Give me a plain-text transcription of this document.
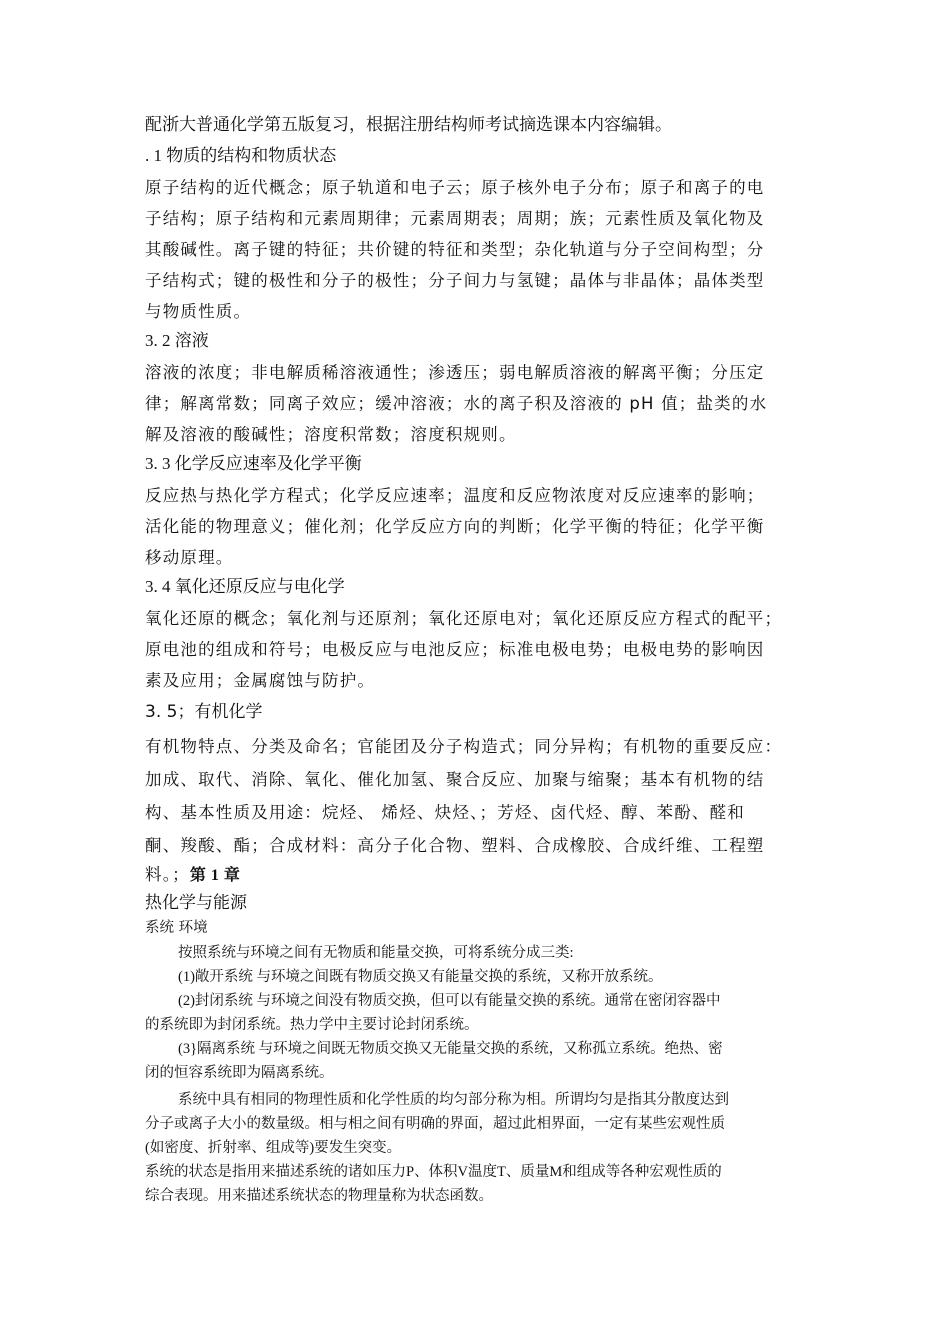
配浙大普通化学第五版复习，根据注册结构师考试摘选课本内容编辑。

. 1 物质的结构和物质状态

原子结构的近代概念；原子轨道和电子云；原子核外电子分布；原子和离子的电
子结构；原子结构和元素周期律；元素周期表；周期；族；元素性质及氧化物及
其酸碱性。离子键的特征；共价键的特征和类型；杂化轨道与分子空间构型；分
子结构式；键的极性和分子的极性；分子间力与氢键；晶体与非晶体；晶体类型
与物质性质。

3. 2 溶液

溶液的浓度；非电解质稀溶液通性；渗透压；弱电解质溶液的解离平衡；分压定
律；解离常数；同离子效应；缓冲溶液；水的离子积及溶液的 pH 值；盐类的水
解及溶液的酸碱性；溶度积常数；溶度积规则。

3. 3 化学反应速率及化学平衡

反应热与热化学方程式；化学反应速率；温度和反应物浓度对反应速率的影响；
活化能的物理意义；催化剂；化学反应方向的判断；化学平衡的特征；化学平衡
移动原理。

3. 4 氧化还原反应与电化学

氧化还原的概念；氧化剂与还原剂；氧化还原电对；氧化还原反应方程式的配平；
原电池的组成和符号；电极反应与电池反应；标准电极电势；电极电势的影响因
素及应用；金属腐蚀与防护。

3. 5；有机化学

有机物特点、分类及命名；官能团及分子构造式；同分异构；有机物的重要反应：
加成、取代、消除、氧化、催化加氢、聚合反应、加聚与缩聚；基本有机物的结
构、基本性质及用途：烷烃、 烯烃、炔烃、；芳烃、卤代烃、醇、苯酚、醛和
酮、羧酸、酯；合成材料：高分子化合物、塑料、合成橡胶、合成纤维、工程塑

料。；第 1 章

热化学与能源

系统 环境

按照系统与环境之间有无物质和能量交换，可将系统分成三类:
(1)敞开系统 与环境之间既有物质交换又有能量交换的系统，又称开放系统。
(2)封闭系统 与环境之间没有物质交换，但可以有能量交换的系统。通常在密闭容器中
的系统即为封闭系统。热力学中主要讨论封闭系统。
(3}隔离系统 与环境之间既无物质交换又无能量交换的系统，又称孤立系统。绝热、密
闭的恒容系统即为隔离系统。
系统中具有相同的物理性质和化学性质的均匀部分称为相。所谓均匀是指其分散度达到
分子或离子大小的数量级。相与相之间有明确的界面，超过此相界面，一定有某些宏观性质
(如密度、折射率、组成等)要发生突变。
系统的状态是指用来描述系统的诸如压力P、体积V温度T、质量M和组成等各种宏观性质的
综合表现。用来描述系统状态的物理量称为状态函数。
